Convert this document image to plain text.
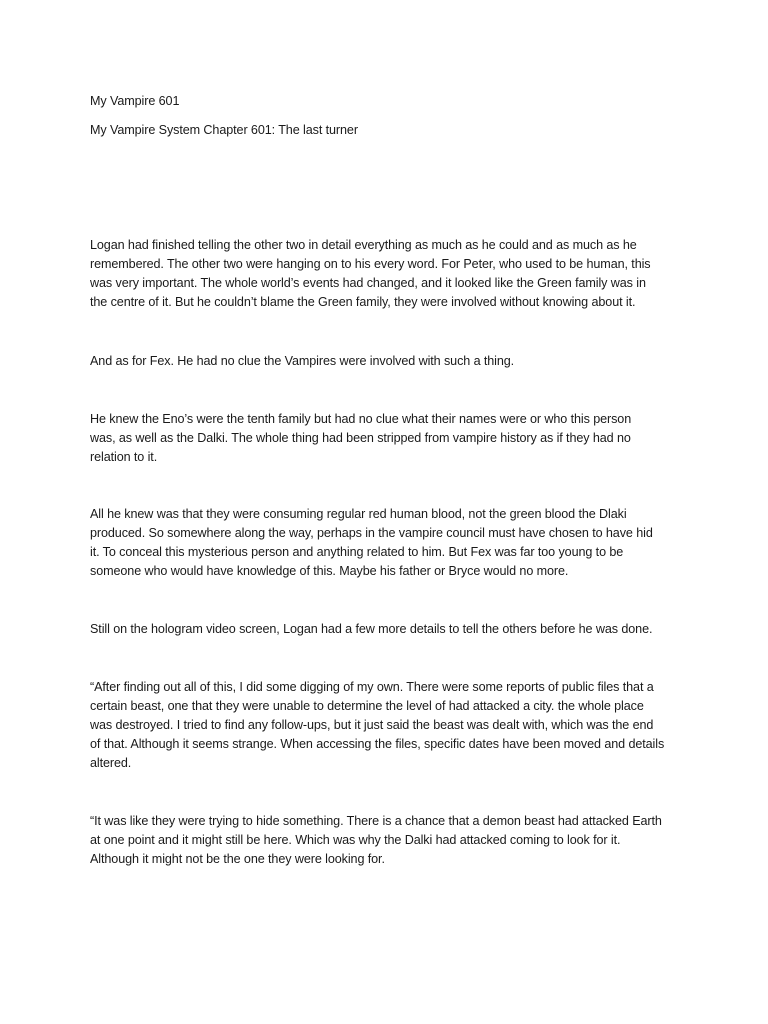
My Vampire 601

My Vampire System Chapter 601: The last turner

Logan had finished telling the other two in detail everything as much as he could and as much as he
remembered. The other two were hanging on to his every word. For Peter, who used to be human, this
was very important. The whole world’s events had changed, and it looked like the Green family was in
the centre of it. But he couldn’t blame the Green family, they were involved without knowing about it.
And as for Fex. He had no clue the Vampires were involved with such a thing.
He knew the Eno’s were the tenth family but had no clue what their names were or who this person
was, as well as the Dalki. The whole thing had been stripped from vampire history as if they had no
relation to it.
All he knew was that they were consuming regular red human blood, not the green blood the Dlaki
produced. So somewhere along the way, perhaps in the vampire council must have chosen to have hid
it. To conceal this mysterious person and anything related to him. But Fex was far too young to be
someone who would have knowledge of this. Maybe his father or Bryce would no more.
Still on the hologram video screen, Logan had a few more details to tell the others before he was done.
“After finding out all of this, I did some digging of my own. There were some reports of public files that a
certain beast, one that they were unable to determine the level of had attacked a city. the whole place
was destroyed. I tried to find any follow-ups, but it just said the beast was dealt with, which was the end
of that. Although it seems strange. When accessing the files, specific dates have been moved and details
altered.
“It was like they were trying to hide something. There is a chance that a demon beast had attacked Earth
at one point and it might still be here. Which was why the Dalki had attacked coming to look for it.
Although it might not be the one they were looking for.
